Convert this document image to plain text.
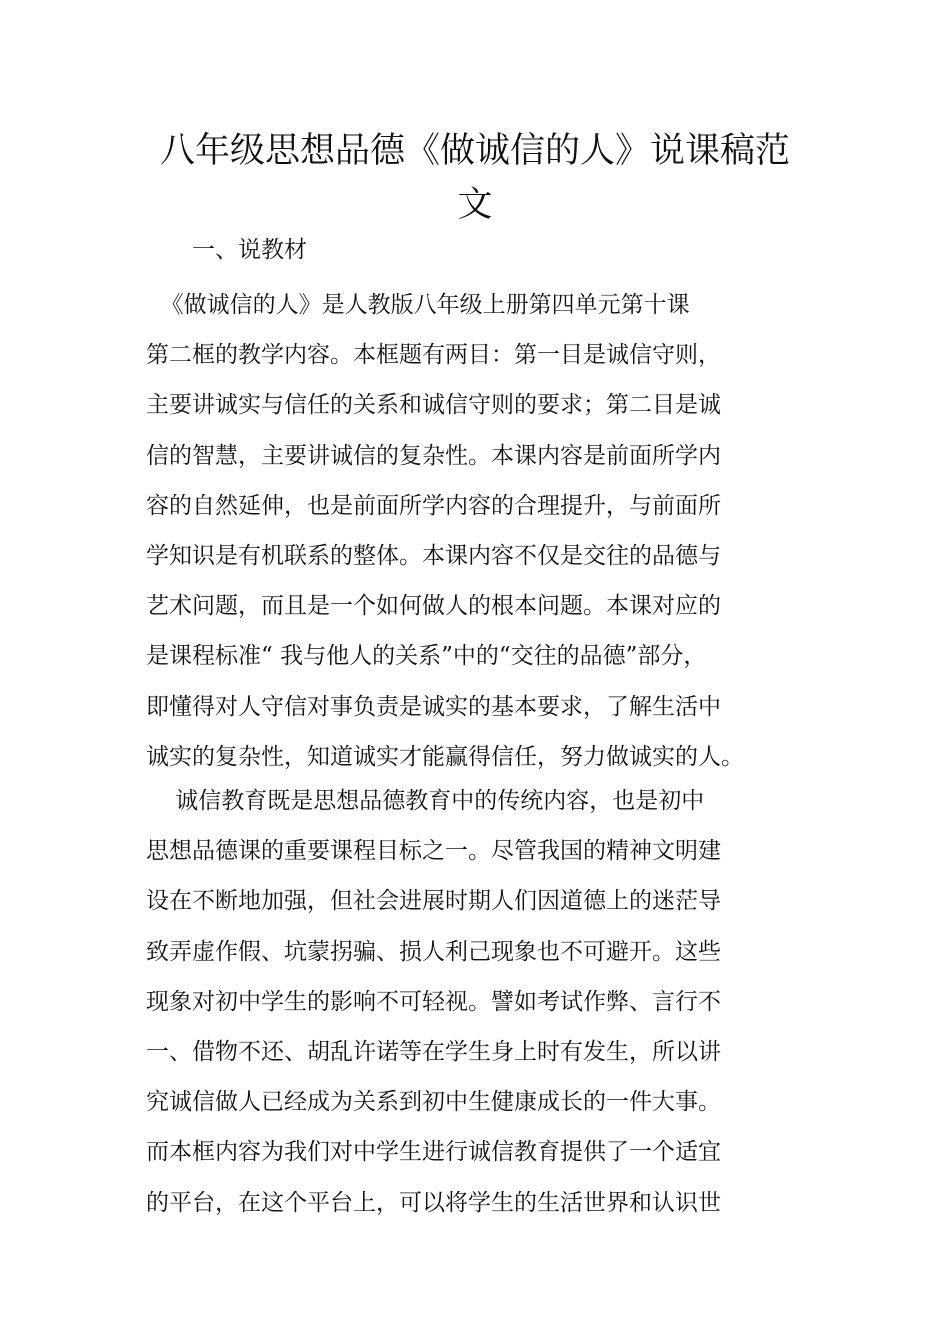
八年级思想品德《做诚信的人》说课稿范
文

一、说教材

《做诚信的人》是人教版八年级上册第四单元第十课
第二框的教学内容。本框题有两目：第一目是诚信守则，
主要讲诚实与信任的关系和诚信守则的要求；第二目是诚
信的智慧，主要讲诚信的复杂性。本课内容是前面所学内
容的自然延伸，也是前面所学内容的合理提升，与前面所
学知识是有机联系的整体。本课内容不仅是交往的品德与
艺术问题，而且是一个如何做人的根本问题。本课对应的
是课程标准“ 我与他人的关系”中的“交往的品德”部分，
即懂得对人守信对事负责是诚实的基本要求，了解生活中
诚实的复杂性，知道诚实才能赢得信任，努力做诚实的人。
诚信教育既是思想品德教育中的传统内容，也是初中
思想品德课的重要课程目标之一。尽管我国的精神文明建
设在不断地加强，但社会进展时期人们因道德上的迷茫导
致弄虚作假、坑蒙拐骗、损人利己现象也不可避开。这些
现象对初中学生的影响不可轻视。譬如考试作弊、言行不
一、借物不还、胡乱许诺等在学生身上时有发生，所以讲
究诚信做人已经成为关系到初中生健康成长的一件大事。
而本框内容为我们对中学生进行诚信教育提供了一个适宜
的平台，在这个平台上，可以将学生的生活世界和认识世
